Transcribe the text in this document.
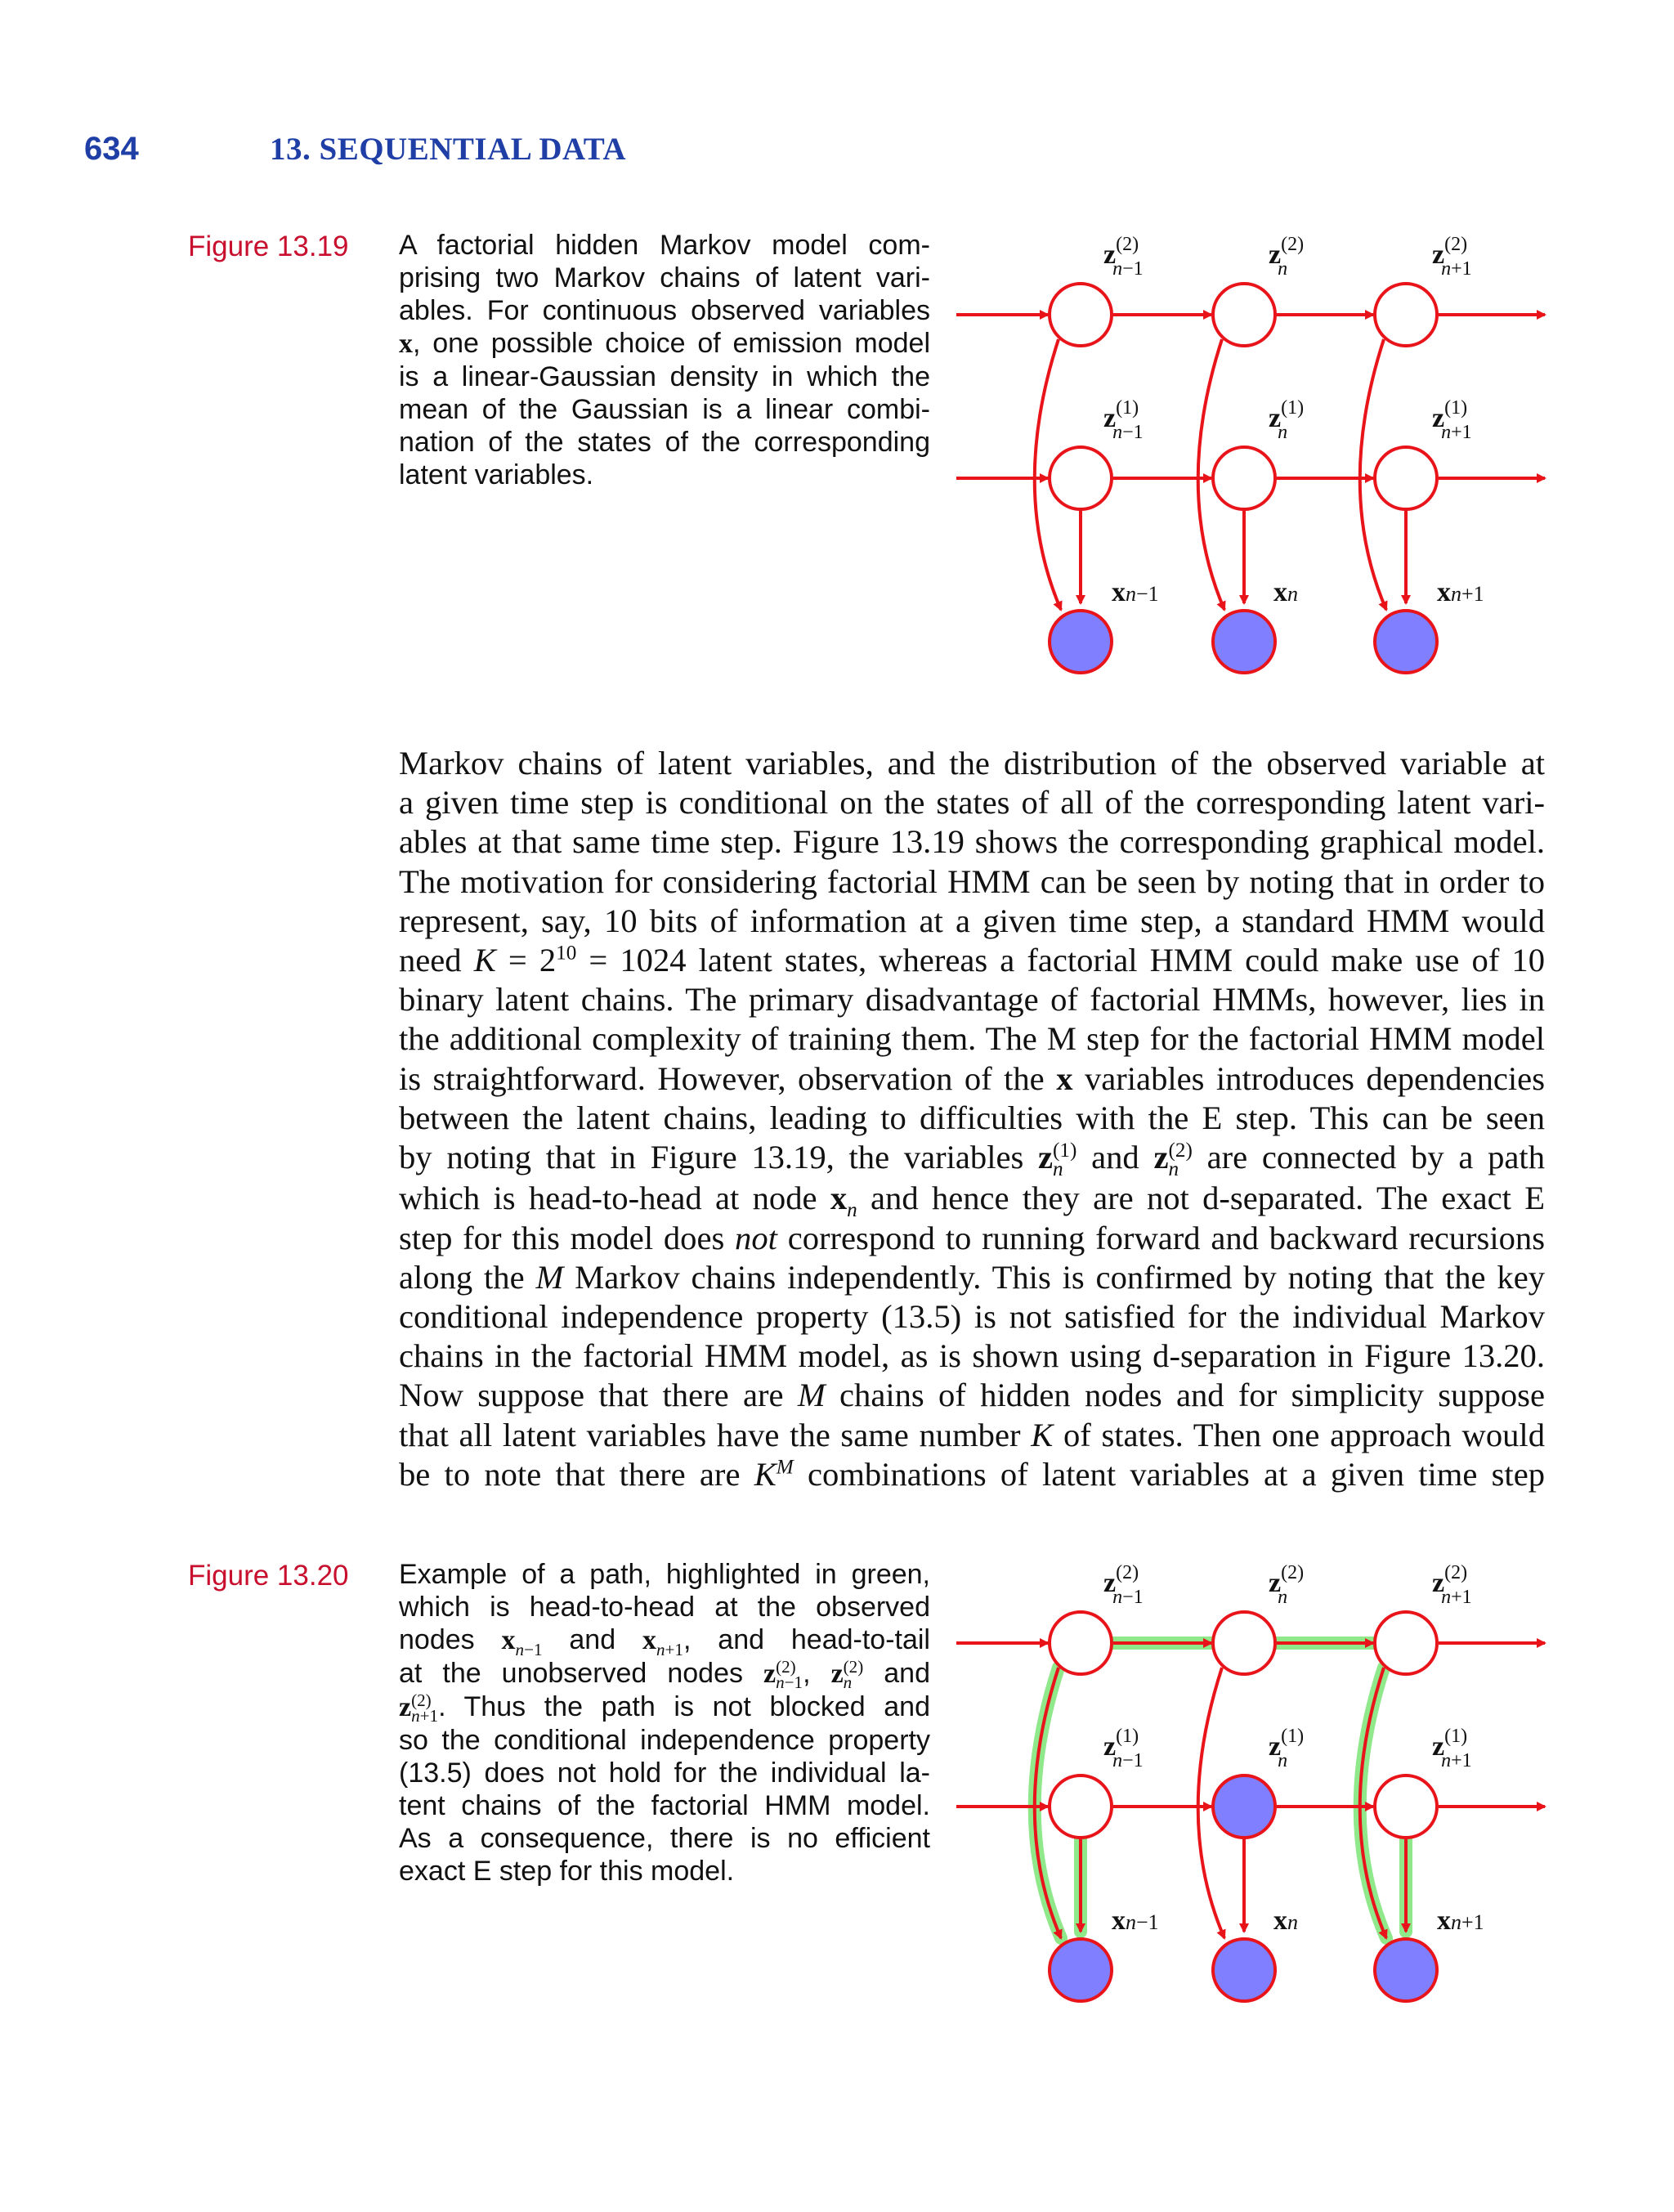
634	13. SEQUENTIAL DATA
Figure 13.19 A factorial hidden Markov model com-
prising two Markov chains of latent vari-
ables. For continuous observed variables
x, one possible choice of emission model
is a linear-Gaussian density in which the
mean of the Gaussian is a linear combi-
nation of the states of the corresponding
latent variables.
$z^{(2)}$ n−1	$z^{(2)}$ n	$z^{(2)}$ n+1
$z^{(1)}$ n−1	$z^{(1)}$ n	$z^{(1)}$ n+1
xn−1	xn	xn+1
Markov chains of latent variables, and the distribution of the observed variable at
a given time step is conditional on the states of all of the corresponding latent vari-
ables at that same time step. Figure 13.19 shows the corresponding graphical model.
The motivation for considering factorial HMM can be seen by noting that in order to
represent, say, 10 bits of information at a given time step, a standard HMM would
need $K = 2^{10} = 1024$ latent states, whereas a factorial HMM could make use of 10
binary latent chains. The primary disadvantage of factorial HMMs, however, lies in
the additional complexity of training them. The M step for the factorial HMM model
is straightforward. However, observation of the x variables introduces dependencies
between the latent chains, leading to difficulties with the E step. This can be seen
by noting that in Figure 13.19, the variables z (1)
n and z (2)
n are connected by a path
which is head-to-head at node $x_n$ and hence they are not d-separated. The exact E
step for this model does not correspond to running forward and backward recursions
along the M Markov chains independently. This is confirmed by noting that the key
conditional independence property (13.5) is not satisfied for the individual Markov
chains in the factorial HMM model, as is shown using d-separation in Figure 13.20.
Now suppose that there are M chains of hidden nodes and for simplicity suppose
that all latent variables have the same number K of states. Then one approach would
be to note that there are $K^M$ combinations of latent variables at a given time step
Figure 13.20 Example of a path, highlighted in green,
which is head-to-head at the observed
nodes $x_{n-1}$ and $x_{n+1}$, and head-to-tail
at the unobserved nodes z (2)
n−1 , z (2)
n and
z (2)
n+1 . Thus the path is not blocked and
so the conditional independence property
(13.5) does not hold for the individual la-
tent chains of the factorial HMM model.
As a consequence, there is no efficient
exact E step for this model.
$z^{(2)}$ n−1	$z^{(2)}$ n	$z^{(2)}$ n+1
$z^{(1)}$ n−1	$z^{(1)}$ n	$z^{(1)}$ n+1
xn−1	xn	xn+1
